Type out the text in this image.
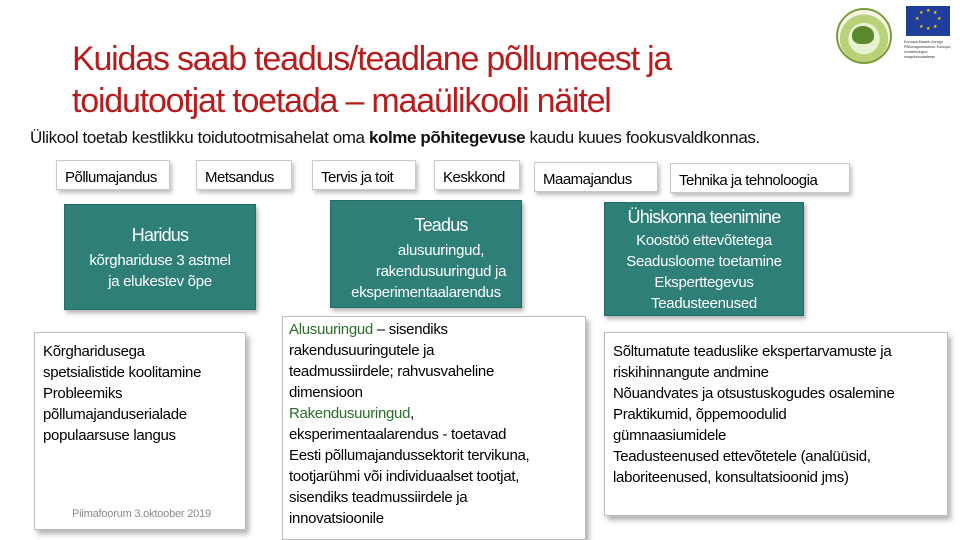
Kuidas saab teadus/teadlane põllumeest ja
toidutootjat toetada – maaülikooli näitel
★ ★
★
★
★
★
★
★
Euroopa Maaelu Arengu Põllumajandusfond: Euroopa investeeringud maapiirkondadesse
Ülikool toetab kestlikku toidutootmisahelat oma kolme põhitegevuse kaudu kuues fookusvaldkonnas.
Põllumajandus	Metsandus	Tervis ja toit	Keskkond	Maamajandus	Tehnika ja tehnoloogia
Haridus
kõrghariduse 3 astmel
ja elukestev õpe
Teadus
alusuuringud,
rakendusuuringud ja
eksperimentaalarendus
Ühiskonna teenimine
Koostöö ettevõtetega
Seadusloome toetamine
Eksperttegevus
Teadusteenused
Kõrgharidusega
spetsialistide koolitamine
Probleemiks
põllumajanduserialade
populaarsuse langus
Alusuuringud – sisendiks
rakendusuuringutele ja
teadmussiirdele; rahvusvaheline
dimensioon
Rakendusuuringud,
eksperimentaalarendus - toetavad
Eesti põllumajandussektorit tervikuna,
tootjarühmi või individuaalset tootjat,
sisendiks teadmussiirdele ja
innovatsioonile
Sõltumatute teaduslike ekspertarvamuste ja
riskihinnangute andmine
Nõuandvates ja otsustuskogudes osalemine
Praktikumid, õppemoodulid
gümnaasiumidele
Teadusteenused ettevõtetele (analüüsid,
laboriteenused, konsultatsioonid jms)
Piimafoorum 3.oktoober 2019
